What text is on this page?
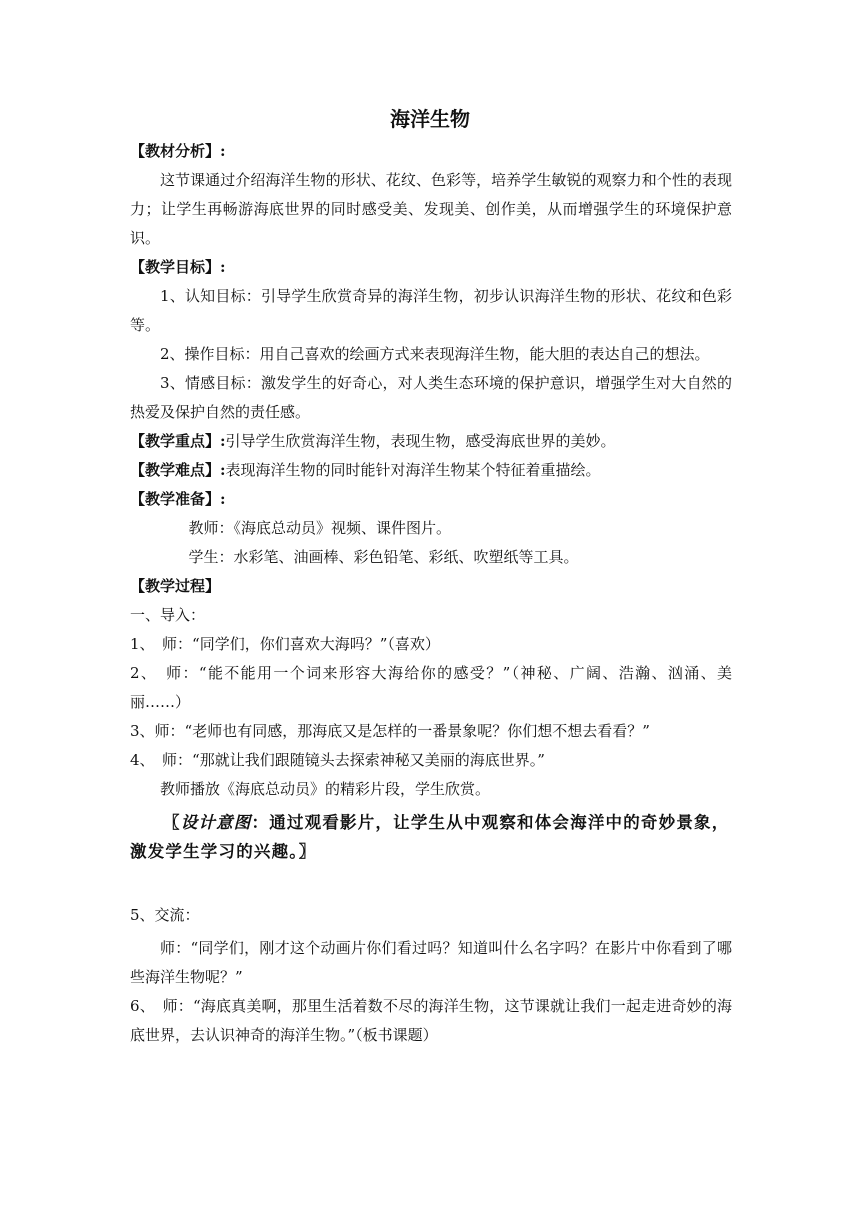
海洋生物

【教材分析】:

这节课通过介绍海洋生物的形状、花纹、色彩等，培养学生敏锐的观察力和个性的表现力；让学生再畅游海底世界的同时感受美、发现美、创作美，从而增强学生的环境保护意识。

【教学目标】:

1、认知目标：引导学生欣赏奇异的海洋生物，初步认识海洋生物的形状、花纹和色彩等。

2、操作目标：用自己喜欢的绘画方式来表现海洋生物，能大胆的表达自己的想法。

3、情感目标：激发学生的好奇心，对人类生态环境的保护意识，增强学生对大自然的热爱及保护自然的责任感。

【教学重点】:引导学生欣赏海洋生物，表现生物，感受海底世界的美妙。

【教学难点】:表现海洋生物的同时能针对海洋生物某个特征着重描绘。

【教学准备】:

教师：《海底总动员》视频、课件图片。

学生：水彩笔、油画棒、彩色铅笔、彩纸、吹塑纸等工具。

【教学过程】

一、导入：

1、　师：“同学们，你们喜欢大海吗？”（喜欢）

2、　师：“能不能用一个词来形容大海给你的感受？”（神秘、广阔、浩瀚、汹涌、美丽……）

3、师：“老师也有同感，那海底又是怎样的一番景象呢？你们想不想去看看？”

4、　师：“那就让我们跟随镜头去探索神秘又美丽的海底世界。”

教师播放《海底总动员》的精彩片段，学生欣赏。

〖设计意图：通过观看影片，让学生从中观察和体会海洋中的奇妙景象，激发学生学习的兴趣。〗

5、交流：

师：“同学们，刚才这个动画片你们看过吗？知道叫什么名字吗？在影片中你看到了哪些海洋生物呢？”

6、　师：“海底真美啊，那里生活着数不尽的海洋生物，这节课就让我们一起走进奇妙的海底世界，去认识神奇的海洋生物。”（板书课题）
